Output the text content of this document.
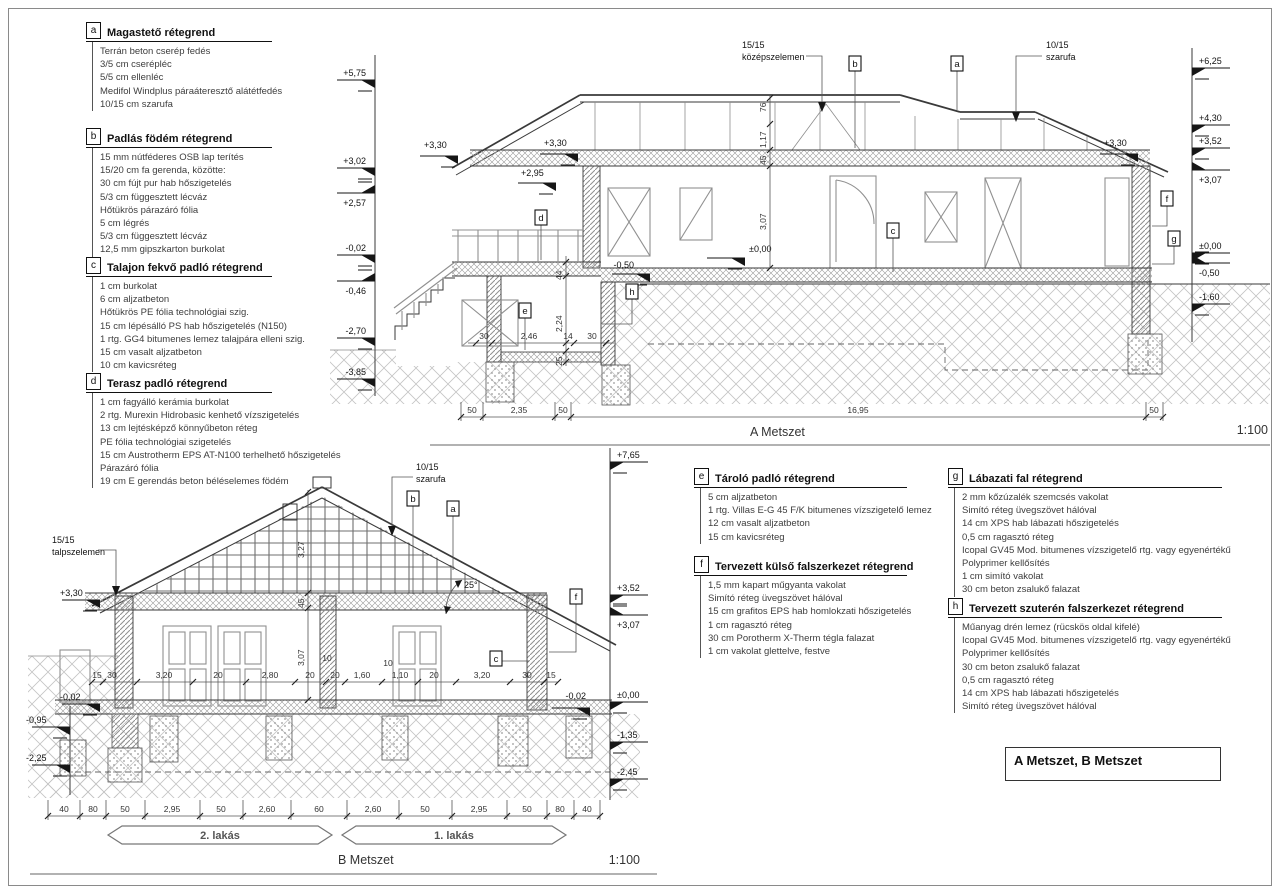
+5,75
+3,02
+2,57
-0,02
-0,46
-2,70
-3,85
+6,25
+4,30
+3,52
+3,07
±0,00
-0,50
-1,60
+3,30	+3,30
+2,95
+3,30
±0,00
-0,50
15/15
középszelemen
10/15
szarufa
b	a
c
d
e
f
g
h
76
1,17
45
3,07
44
2,24
25
30	2,46	14 30
50	2,35	50	16,95	50
A Metszet	1:100
+3,30
-0,02
-0,95
-2,25
+7,65
+3,52
+3,07
±0,00
-1,35
-2,45
-0,02
15/15
talpszelemen
10/15
szarufa
25°
b
a
c
f
3,27
45
3,07
15 30	3,20	20	2,80	20 20 1,60	1,10 20	3,20	30 15
10	10
40 80	50	2,95	50	2,60	60	2,60	50	2,95	50	80 40
2. lakás	1. lakás
B Metszet	1:100
a Magastető rétegrend
Terrán beton cserép fedés
3/5 cm cserépléc
5/5 cm ellenléc
Medifol Windplus páraáteresztő alátétfedés
10/15 cm szarufa
b Padlás födém rétegrend
15 mm nútféderes OSB lap terítés
15/20 cm fa gerenda, közötte:
30 cm fújt pur hab hőszigetelés
5/3 cm függesztett lécváz
Hőtükrös párazáró fólia
5 cm légrés
5/3 cm függesztett lécváz
12,5 mm gipszkarton burkolat
c	Talajon fekvő padló rétegrend
1 cm burkolat
6 cm aljzatbeton
Hőtükrös PE fólia technológiai szig.
15 cm lépésálló PS hab hőszigetelés (N150)
1 rtg. GG4 bitumenes lemez talajpára elleni szig.
15 cm vasalt aljzatbeton
10 cm kavicsréteg
d Terasz padló rétegrend
1 cm fagyálló kerámia burkolat
2 rtg. Murexin Hidrobasic kenhető vízszigetelés
13 cm lejtésképző könnyűbeton réteg
PE fólia technológiai szigetelés
15 cm Austrotherm EPS AT-N100 terhelhető hőszigetelés
Párazáró fólia
19 cm E gerendás beton béléselemes födém	e Tároló padló rétegrend
5 cm aljzatbeton
1 rtg. Villas E-G 45 F/K bitumenes vízszigetelő lemez
12 cm vasalt aljzatbeton
15 cm kavicsréteg
f	Tervezett külső falszerkezet rétegrend
1,5 mm kapart műgyanta vakolat
Simító réteg üvegszövet hálóval
15 cm grafitos EPS hab homlokzati hőszigetelés
1 cm ragasztó réteg
30 cm Porotherm X-Therm tégla falazat
1 cm vakolat glettelve, festve
g Lábazati fal rétegrend
2 mm kőzúzalék szemcsés vakolat
Simító réteg üvegszövet hálóval
14 cm XPS hab lábazati hőszigetelés
0,5 cm ragasztó réteg
Icopal GV45 Mod. bitumenes vízszigetelő rtg. vagy egyenértékű
Polyprimer kellősítés
1 cm simító vakolat
30 cm beton zsalukő falazat
h Tervezett szuterén falszerkezet rétegrend
Műanyag drén lemez (rücskös oldal kifelé)
Icopal GV45 Mod. bitumenes vízszigetelő rtg. vagy egyenértékű
Polyprimer kellősítés
30 cm beton zsalukő falazat
0,5 cm ragasztó réteg
14 cm XPS hab lábazati hőszigetelés
Simító réteg üvegszövet hálóval
A Metszet, B Metszet
